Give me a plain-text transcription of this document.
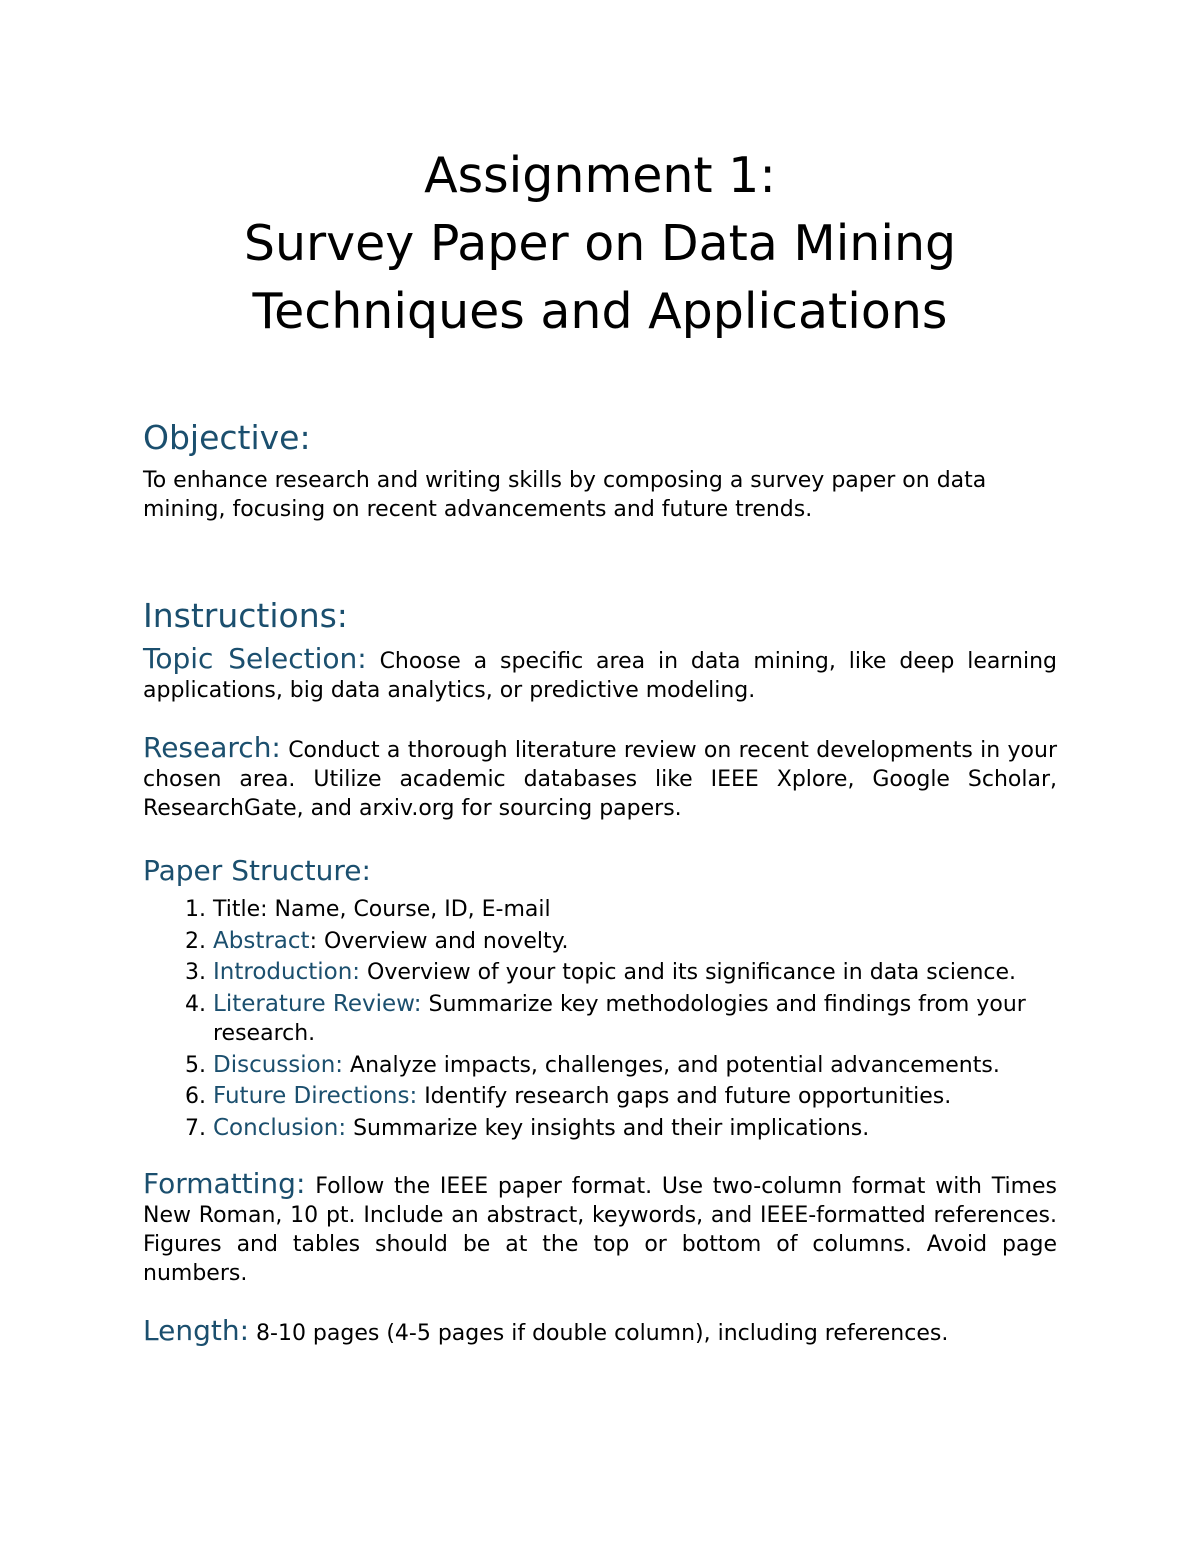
Assignment 1:
Survey Paper on Data Mining
Techniques and Applications
Objective:

To enhance research and writing skills by composing a survey paper on data mining, focusing on recent advancements and future trends.

Instructions:

Topic Selection: Choose a specific area in data mining, like deep learning applications, big data analytics, or predictive modeling.

Research: Conduct a thorough literature review on recent developments in your chosen area. Utilize academic databases like IEEE Xplore, Google Scholar, ResearchGate, and arxiv.org for sourcing papers.

Paper Structure:
1. Title: Name, Course, ID, E-mail
2. Abstract: Overview and novelty.
3. Introduction: Overview of your topic and its significance in data science.
4. Literature Review: Summarize key methodologies and findings from your research.
5. Discussion: Analyze impacts, challenges, and potential advancements.
6. Future Directions: Identify research gaps and future opportunities.
7. Conclusion: Summarize key insights and their implications.

Formatting: Follow the IEEE paper format. Use two-column format with Times New Roman, 10 pt. Include an abstract, keywords, and IEEE-formatted references. Figures and tables should be at the top or bottom of columns. Avoid page numbers.

Length: 8-10 pages (4-5 pages if double column), including references.
